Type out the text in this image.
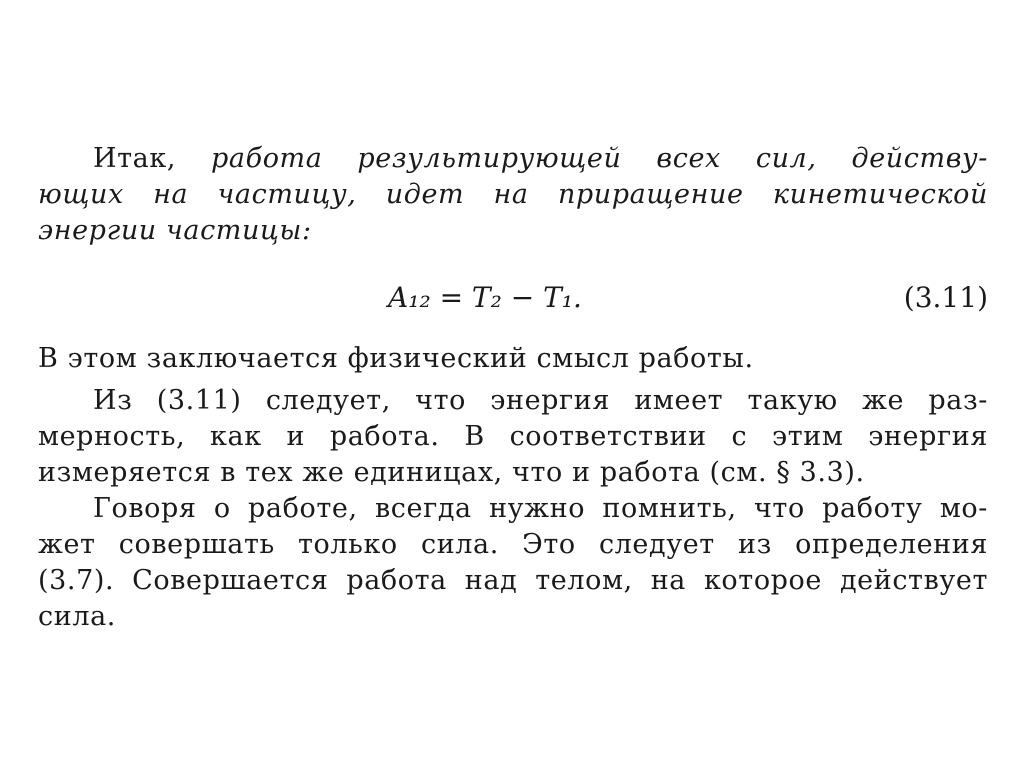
Итак, работа результирующей всех сил, действу-
ющих на частицу, идет на приращение кинетической
энергии частицы:
A₁₂ = T₂ − T₁.	(3.11)
В этом заключается физический смысл работы.
Из (3.11) следует, что энергия имеет такую же раз-
мерность, как и работа. В соответствии с этим энергия
измеряется в тех же единицах, что и работа (см. § 3.3).
Говоря о работе, всегда нужно помнить, что работу мо-
жет совершать только сила. Это следует из определения
(3.7). Совершается работа над телом, на которое действует
сила.
